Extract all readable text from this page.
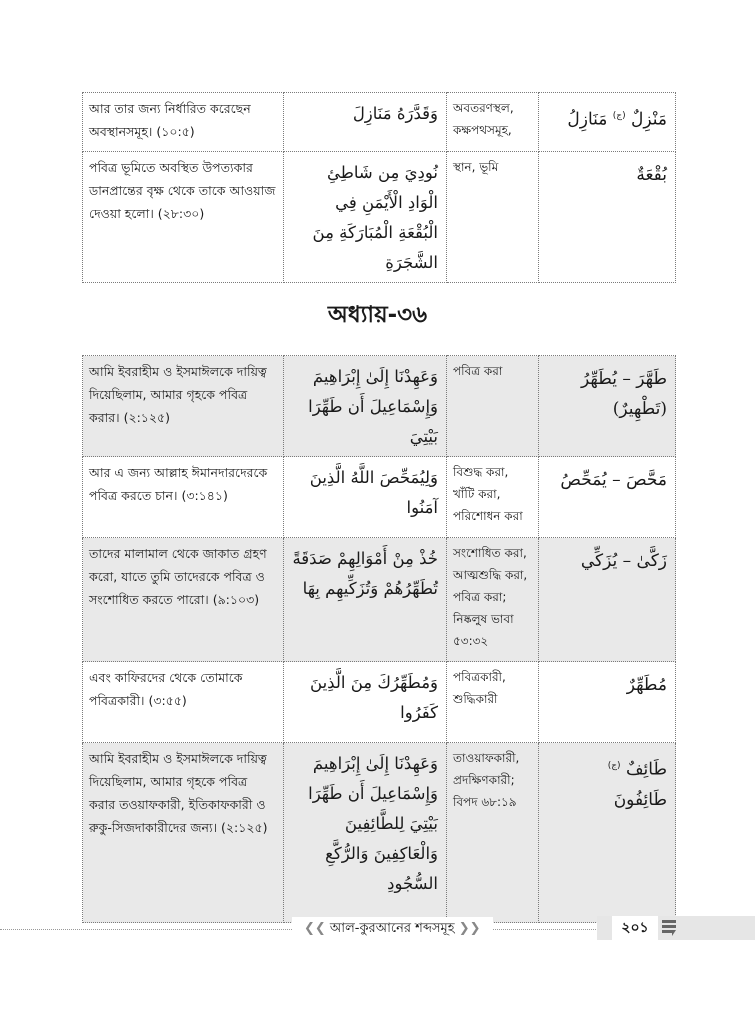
আর তার জন্য নির্ধারিত করেছেন অবস্থানসমূহ। (১০:৫)	وَقَدَّرَهُ مَنَازِلَ	অবতরণস্থল, কক্ষপথসমূহ,	مَنْزِلٌ $^{(ج)}$ مَنَازِلُ
পবিত্র ভূমিতে অবস্থিত উপত্যকার ডানপ্রান্তের বৃক্ষ থেকে তাকে আওয়াজ দেওয়া হলো। (২৮:৩০)	نُودِيَ مِن شَاطِئِ الْوَادِ الْأَيْمَنِ فِي الْبُقْعَةِ الْمُبَارَكَةِ مِنَ الشَّجَرَةِ	স্থান, ভূমি	بُقْعَةٌ
অধ্যায়-৩৬
আমি ইবরাহীম ও ইসমাঈলকে দায়িত্ব দিয়েছিলাম, আমার গৃহকে পবিত্র করার। (২:১২৫)	وَعَهِدْنَا إِلَىٰ إِبْرَاهِيمَ وَإِسْمَاعِيلَ أَن طَهِّرَا بَيْتِيَ	পবিত্র করা	طَهَّرَ – يُطَهِّرُ
(تَطْهِيرٌ)
আর এ জন্য আল্লাহ ঈমানদারদেরকে পবিত্র করতে চান। (৩:১৪১)	وَلِيُمَحِّصَ اللَّهُ الَّذِينَ آمَنُوا	বিশুদ্ধ করা, খাঁটি করা, পরিশোধন করা	مَحَّصَ – يُمَحِّصُ
তাদের মালামাল থেকে জাকাত গ্রহণ করো, যাতে তুমি তাদেরকে পবিত্র ও সংশোধিত করতে পারো। (৯:১০৩)	خُذْ مِنْ أَمْوَالِهِمْ صَدَقَةً تُطَهِّرُهُمْ وَتُزَكِّيهِم بِهَا	সংশোধিত করা, আত্মশুদ্ধি করা, পবিত্র করা; নিষ্কলুষ ভাবা ৫৩:৩২	زَكَّىٰ – يُزَكِّي
এবং কাফিরদের থেকে তোমাকে পবিত্রকারী। (৩:৫৫)	وَمُطَهِّرُكَ مِنَ الَّذِينَ كَفَرُوا	পবিত্রকারী, শুদ্ধিকারী	مُطَهِّرٌ
আমি ইবরাহীম ও ইসমাঈলকে দায়িত্ব দিয়েছিলাম, আমার গৃহকে পবিত্র করার তওয়াফকারী, ইতিকাফকারী ও রুকু-সিজদাকারীদের জন্য। (২:১২৫)	وَعَهِدْنَا إِلَىٰ إِبْرَاهِيمَ وَإِسْمَاعِيلَ أَن طَهِّرَا بَيْتِيَ لِلطَّائِفِينَ وَالْعَاكِفِينَ وَالرُّكَّعِ السُّجُودِ	তাওয়াফকারী, প্রদক্ষিণকারী; বিপদ ৬৮:১৯	طَائِفٌ $^{(ج)}$
طَائِفُونَ
❮❮ আল-কুরআনের শব্দসমূহ ❯❯	২০১
